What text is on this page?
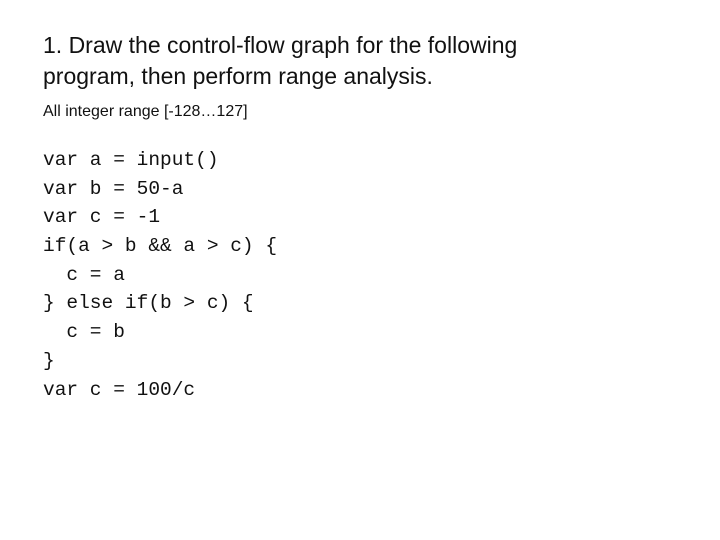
1. Draw the control-flow graph for the following
program, then perform range analysis.

All integer range [-128…127]

var a = input()
var b = 50-a
var c = -1
if(a > b && a > c) {
c = a
} else if(b > c) {
c = b
}
var c = 100/c
